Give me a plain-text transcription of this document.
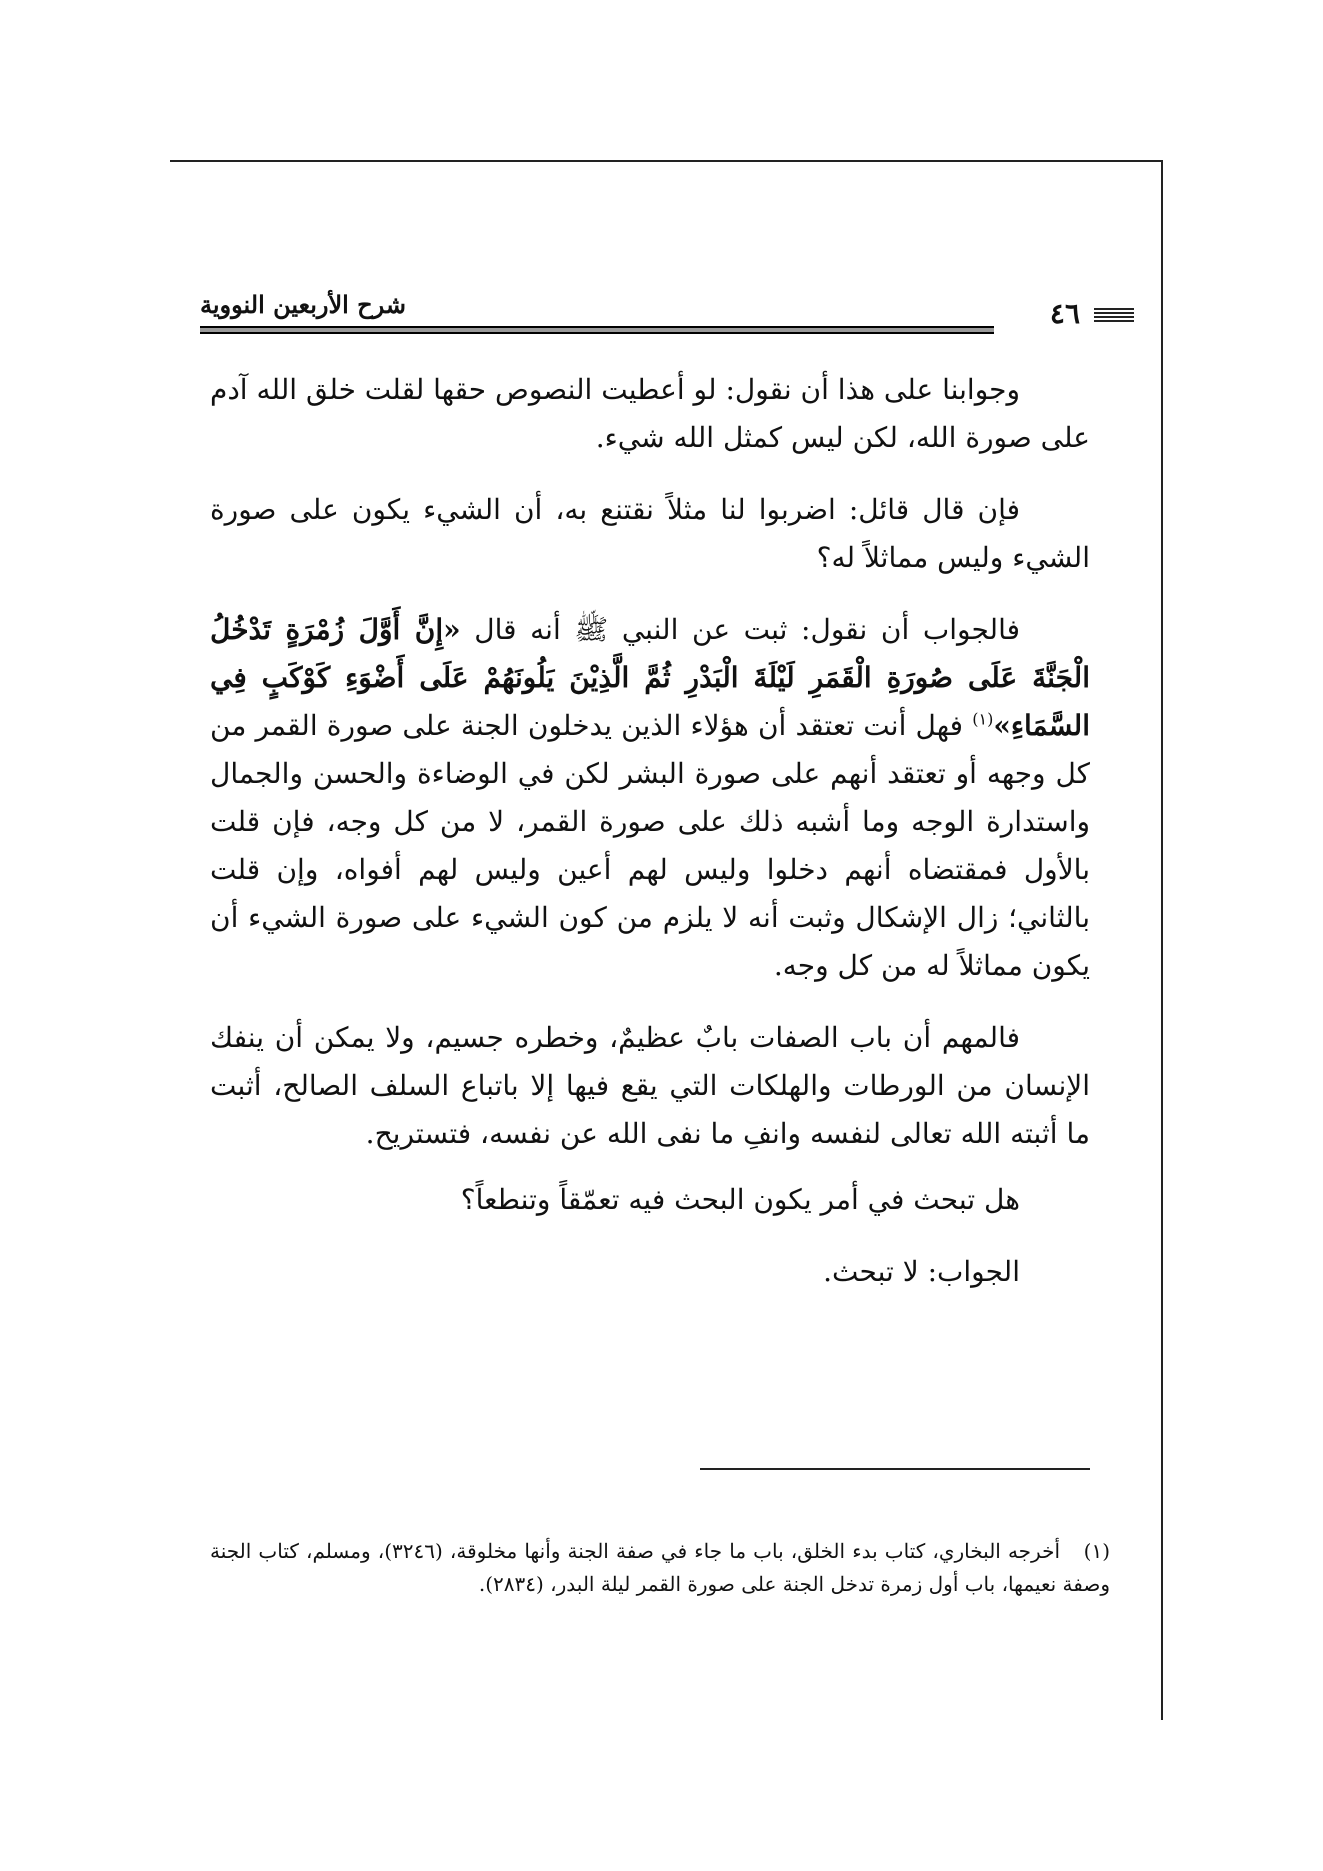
٤٦
شرح الأربعين النووية

وجوابنا على هذا أن نقول: لو أعطيت النصوص حقها لقلت خلق الله آدم على صورة الله، لكن ليس كمثل الله شيء.

فإن قال قائل: اضربوا لنا مثلاً نقتنع به، أن الشيء يكون على صورة الشيء وليس مماثلاً له؟

فالجواب أن نقول: ثبت عن النبي ﷺ أنه قال «إِنَّ أَوَّلَ زُمْرَةٍ تَدْخُلُ الْجَنَّةَ عَلَى صُورَةِ الْقَمَرِ لَيْلَةَ الْبَدْرِ ثُمَّ الَّذِيْنَ يَلُونَهُمْ عَلَى أَضْوَءِ كَوْكَبٍ فِي السَّمَاءِ»$^{(١)}$ فهل أنت تعتقد أن هؤلاء الذين يدخلون الجنة على صورة القمر من كل وجهه أو تعتقد أنهم على صورة البشر لكن في الوضاءة والحسن والجمال واستدارة الوجه وما أشبه ذلك على صورة القمر، لا من كل وجه، فإن قلت بالأول فمقتضاه أنهم دخلوا وليس لهم أعين وليس لهم أفواه، وإن قلت بالثاني؛ زال الإشكال وثبت أنه لا يلزم من كون الشيء على صورة الشيء أن يكون مماثلاً له من كل وجه.

فالمهم أن باب الصفات بابٌ عظيمٌ، وخطره جسيم، ولا يمكن أن ينفك الإنسان من الورطات والهلكات التي يقع فيها إلا باتباع السلف الصالح، أثبت ما أثبته الله تعالى لنفسه وانفِ ما نفى الله عن نفسه، فتستريح.

هل تبحث في أمر يكون البحث فيه تعمّقاً وتنطعاً؟

الجواب: لا تبحث.

(١)أخرجه البخاري، كتاب بدء الخلق، باب ما جاء في صفة الجنة وأنها مخلوقة، (٣٢٤٦)، ومسلم، كتاب الجنة وصفة نعيمها، باب أول زمرة تدخل الجنة على صورة القمر ليلة البدر، (٢٨٣٤).
